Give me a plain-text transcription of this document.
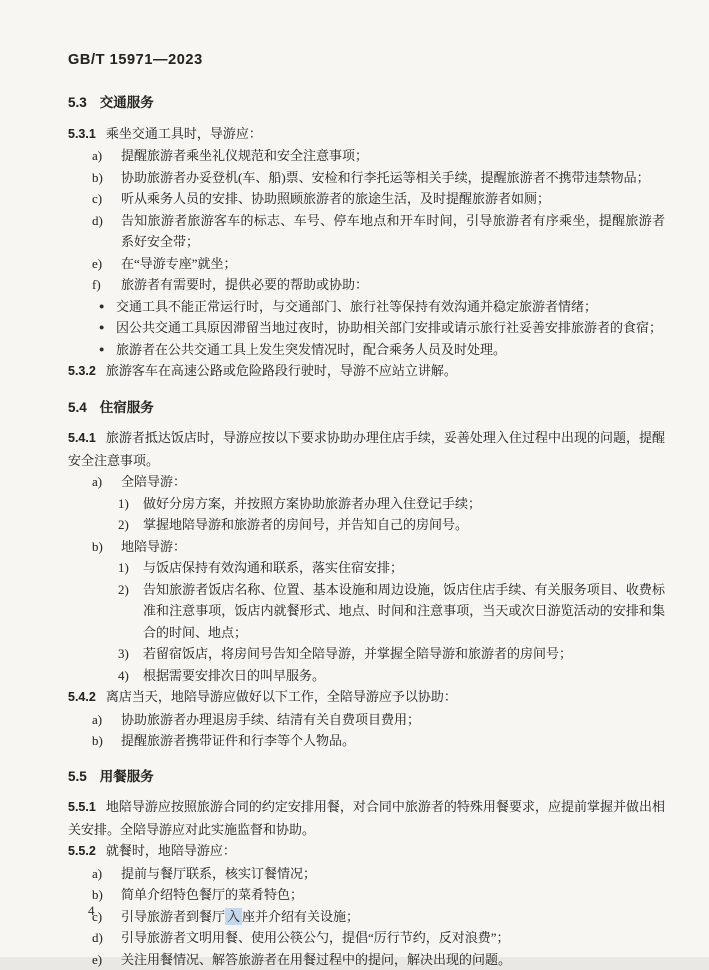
GB/T 15971—2023
5.3 交通服务

5.3.1 乘坐交通工具时，导游应：

a)	提醒旅游者乘坐礼仪规范和安全注意事项；
b)	协助旅游者办妥登机(车、船)票、安检和行李托运等相关手续，提醒旅游者不携带违禁物品；
c)	听从乘务人员的安排、协助照顾旅游者的旅途生活，及时提醒旅游者如厕；
d)	告知旅游者旅游客车的标志、车号、停车地点和开车时间，引导旅游者有序乘坐，提醒旅游者系好安全带；
e)	在“导游专座”就坐；
f)	旅游者有需要时，提供必要的帮助或协助：
● 交通工具不能正常运行时，与交通部门、旅行社等保持有效沟通并稳定旅游者情绪；
● 因公共交通工具原因滞留当地过夜时，协助相关部门安排或请示旅行社妥善安排旅游者的食宿；
● 旅游者在公共交通工具上发生突发情况时，配合乘务人员及时处理。

5.3.2 旅游客车在高速公路或危险路段行驶时，导游不应站立讲解。

5.4 住宿服务

5.4.1 旅游者抵达饭店时，导游应按以下要求协助办理住店手续，妥善处理入住过程中出现的问题，提醒安全注意事项。

a)	全陪导游：
1)	做好分房方案，并按照方案协助旅游者办理入住登记手续；
2)	掌握地陪导游和旅游者的房间号，并告知自己的房间号。
b)	地陪导游：
1)	与饭店保持有效沟通和联系，落实住宿安排；
2)	告知旅游者饭店名称、位置、基本设施和周边设施，饭店住店手续、有关服务项目、收费标准和注意事项，饭店内就餐形式、地点、时间和注意事项，当天或次日游览活动的安排和集合的时间、地点；
3)	若留宿饭店，将房间号告知全陪导游，并掌握全陪导游和旅游者的房间号；
4)	根据需要安排次日的叫早服务。

5.4.2 离店当天，地陪导游应做好以下工作，全陪导游应予以协助：

a)	协助旅游者办理退房手续、结清有关自费项目费用；
b)	提醒旅游者携带证件和行李等个人物品。
5.5 用餐服务

5.5.1 地陪导游应按照旅游合同的约定安排用餐，对合同中旅游者的特殊用餐要求，应提前掌握并做出相关安排。全陪导游应对此实施监督和协助。

5.5.2 就餐时，地陪导游应：

a)	提前与餐厅联系，核实订餐情况；
b)	简单介绍特色餐厅的菜肴特色；
c)	引导旅游者到餐厅 入 座并介绍有关设施；
d)	引导旅游者文明用餐、使用公筷公勺，提倡“厉行节约，反对浪费”；
e)	关注用餐情况、解答旅游者在用餐过程中的提问，解决出现的问题。
4
